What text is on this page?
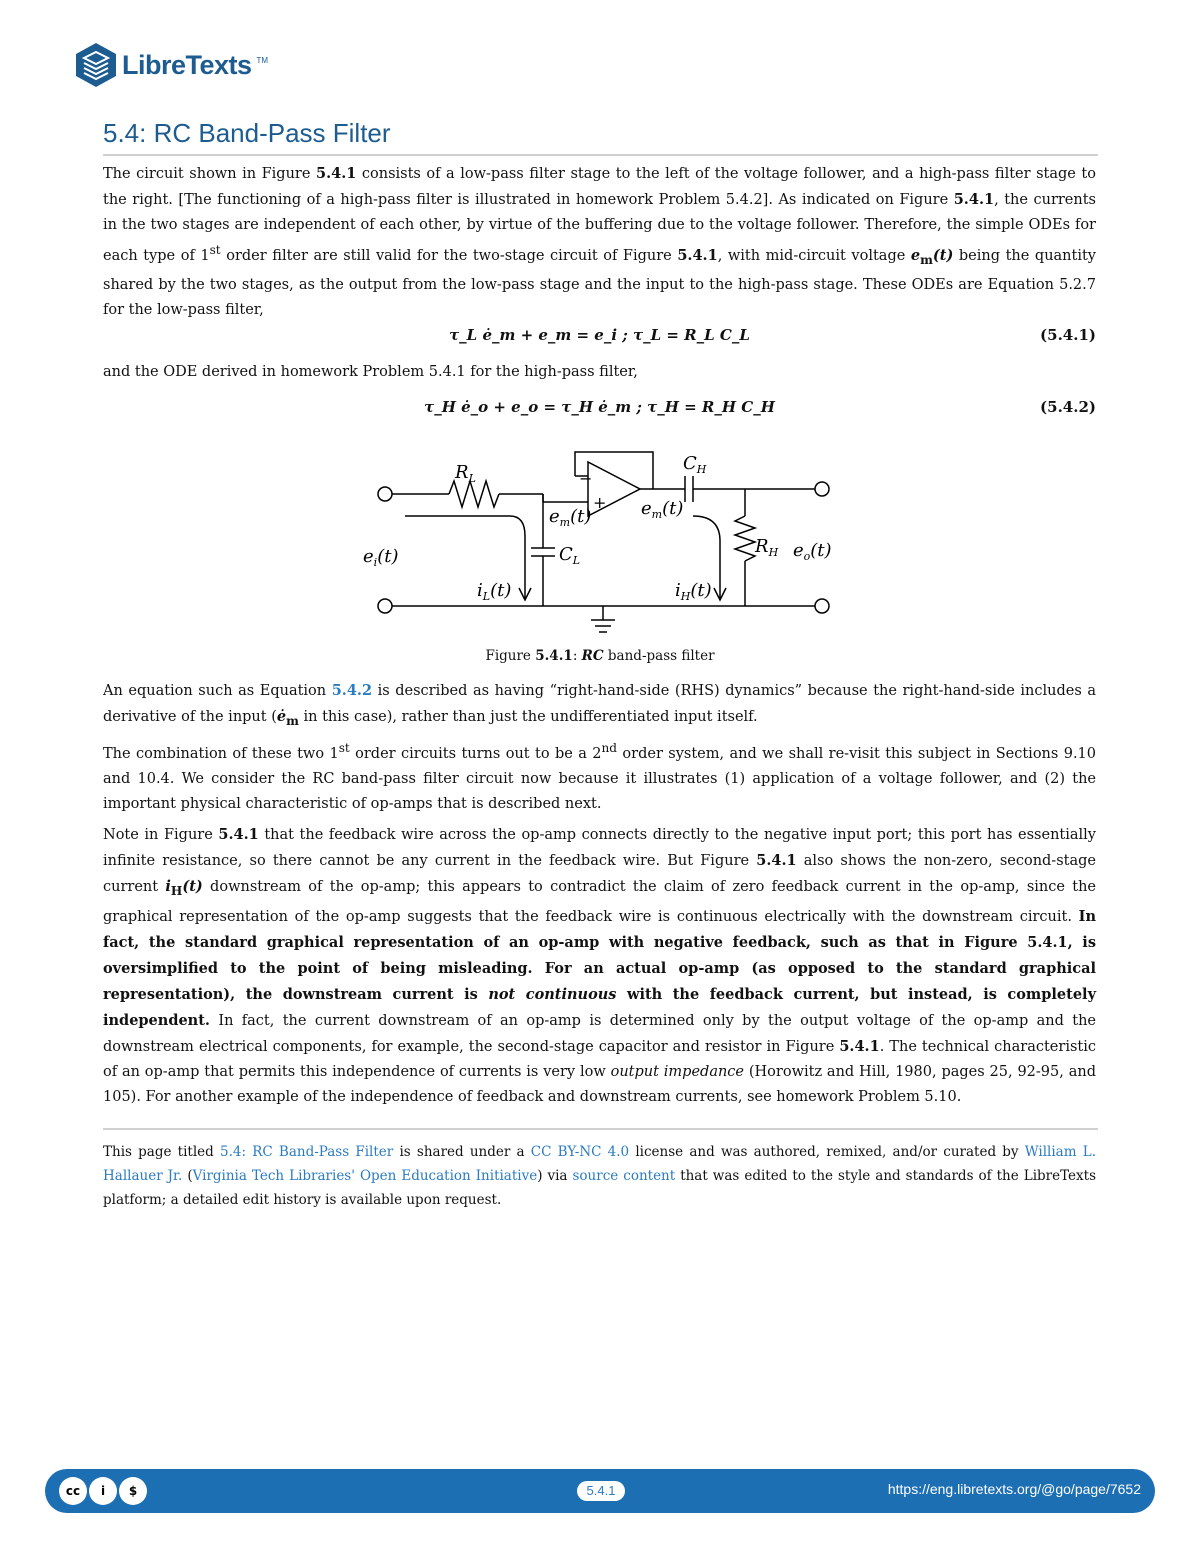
LibreTexts TM
5.4: RC Band-Pass Filter
The circuit shown in Figure 5.4.1 consists of a low-pass filter stage to the left of the voltage follower, and a high-pass filter stage to the right. [The functioning of a high-pass filter is illustrated in homework Problem 5.4.2]. As indicated on Figure 5.4.1, the currents in the two stages are independent of each other, by virtue of the buffering due to the voltage follower. Therefore, the simple ODEs for each type of 1st order filter are still valid for the two-stage circuit of Figure 5.4.1, with mid-circuit voltage $e_m(t)$ being the quantity shared by the two stages, as the output from the low-pass stage and the input to the high-pass stage. These ODEs are Equation 5.2.7 for the low-pass filter,
τ_L ė_m + e_m = e_i ; τ_L = R_L C_L	(5.4.1)
and the ODE derived in homework Problem 5.4.1 for the high-pass filter,
τ_H ė_o + e_o = τ_H ė_m ; τ_H = R_H C_H	(5.4.2)
−
+
$R_L$
$C_H$
$C_L$
$R_H$
$e_m(t)$	$e_m(t)$
$e_i(t)$	$e_o(t)$
$i_L(t)$	$i_H(t)$
Figure 5.4.1: RC band-pass filter
An equation such as Equation 5.4.2 is described as having “right-hand-side (RHS) dynamics” because the right-hand-side includes a derivative of the input ($ė_m$ in this case), rather than just the undifferentiated input itself.
The combination of these two 1st order circuits turns out to be a 2nd order system, and we shall re-visit this subject in Sections 9.10 and 10.4. We consider the RC band-pass filter circuit now because it illustrates (1) application of a voltage follower, and (2) the important physical characteristic of op-amps that is described next.
Note in Figure 5.4.1 that the feedback wire across the op-amp connects directly to the negative input port; this port has essentially infinite resistance, so there cannot be any current in the feedback wire. But Figure 5.4.1 also shows the non-zero, second-stage current $i_H(t)$ downstream of the op-amp; this appears to contradict the claim of zero feedback current in the op-amp, since the graphical representation of the op-amp suggests that the feedback wire is continuous electrically with the downstream circuit. In fact, the standard graphical representation of an op-amp with negative feedback, such as that in Figure 5.4.1, is oversimplified to the point of being misleading. For an actual op-amp (as opposed to the standard graphical representation), the downstream current is not continuous with the feedback current, but instead, is completely independent. In fact, the current downstream of an op-amp is determined only by the output voltage of the op-amp and the downstream electrical components, for example, the second-stage capacitor and resistor in Figure 5.4.1. The technical characteristic of an op-amp that permits this independence of currents is very low output impedance (Horowitz and Hill, 1980, pages 25, 92-95, and 105). For another example of the independence of feedback and downstream currents, see homework Problem 5.10.
This page titled 5.4: RC Band-Pass Filter is shared under a CC BY-NC 4.0 license and was authored, remixed, and/or curated by William L. Hallauer Jr. (Virginia Tech Libraries' Open Education Initiative) via source content that was edited to the style and standards of the LibreTexts platform; a detailed edit history is available upon request.
cc	i	$	5.4.1	https://eng.libretexts.org/@go/page/7652
